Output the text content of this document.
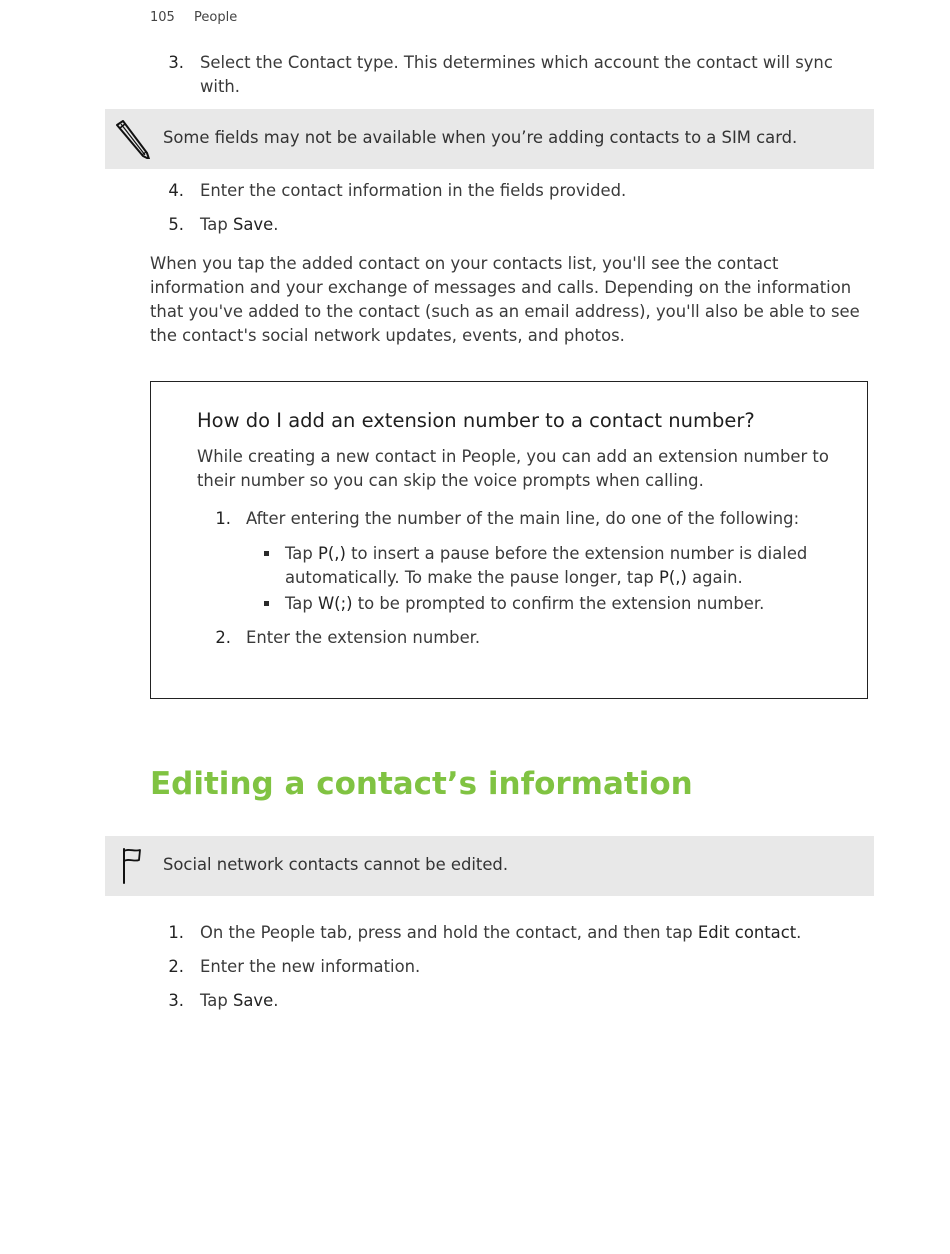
105 People
3. Select the Contact type. This determines which account the contact will sync
with.
Some fields may not be available when you’re adding contacts to a SIM card.
4. Enter the contact information in the fields provided.
5. Tap Save.
When you tap the added contact on your contacts list, you'll see the contact
information and your exchange of messages and calls. Depending on the information
that you've added to the contact (such as an email address), you'll also be able to see
the contact's social network updates, events, and photos.
How do I add an extension number to a contact number?
While creating a new contact in People, you can add an extension number to
their number so you can skip the voice prompts when calling.
1. After entering the number of the main line, do one of the following:
Tap P(,) to insert a pause before the extension number is dialed
automatically. To make the pause longer, tap P(,) again.
Tap W(;) to be prompted to confirm the extension number.
2. Enter the extension number.
Editing a contact’s information
Social network contacts cannot be edited.
1. On the People tab, press and hold the contact, and then tap Edit contact.
2. Enter the new information.
3. Tap Save.
